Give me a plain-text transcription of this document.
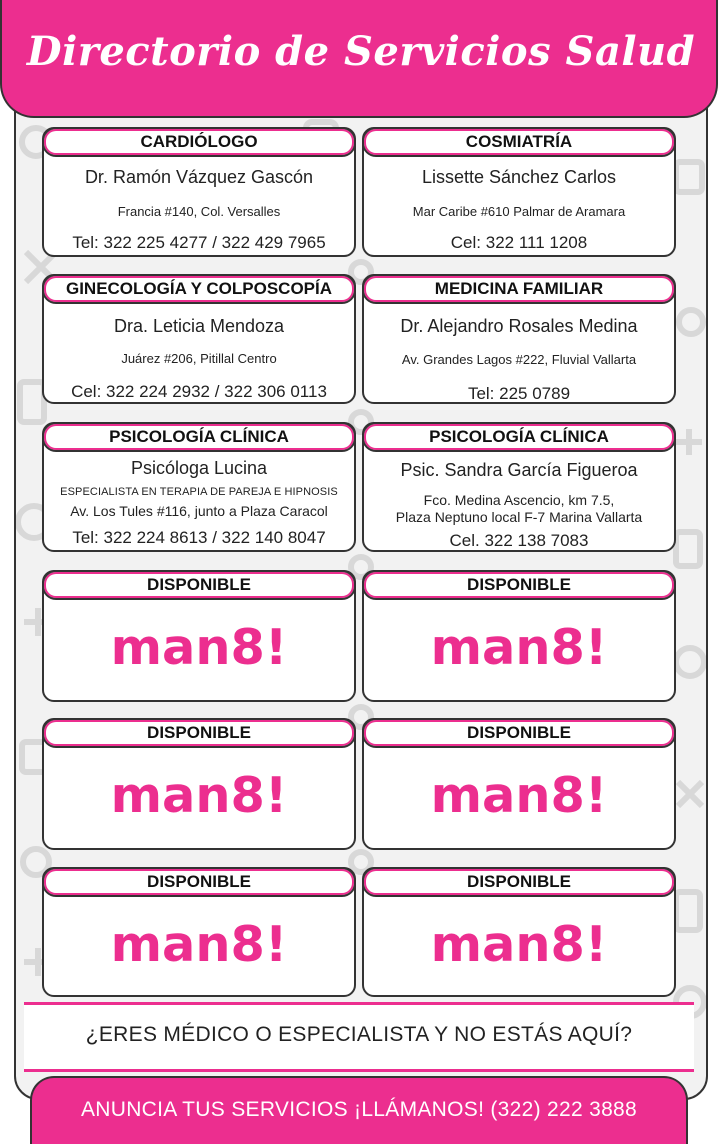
Directorio de Servicios Salud
CARDIÓLOGO
Dr. Ramón Vázquez Gascón
Francia #140, Col. Versalles
Tel: 322 225 4277 / 322 429 7965
COSMIATRÍA
Lissette Sánchez Carlos
Mar Caribe #610 Palmar de Aramara
Cel: 322 111 1208
GINECOLOGÍA Y COLPOSCOPÍA
Dra. Leticia Mendoza
Juárez #206, Pitillal Centro
Cel: 322 224 2932 / 322 306 0113
MEDICINA FAMILIAR
Dr. Alejandro Rosales Medina
Av. Grandes Lagos #222, Fluvial Vallarta
Tel: 225 0789
PSICOLOGÍA CLÍNICA
Psicóloga Lucina
ESPECIALISTA EN TERAPIA DE PAREJA E HIPNOSIS
Av. Los Tules #116, junto a Plaza Caracol
Tel: 322 224 8613 / 322 140 8047
PSICOLOGÍA CLÍNICA
Psic. Sandra García Figueroa
Fco. Medina Ascencio, km 7.5,
Plaza Neptuno local F-7 Marina Vallarta
Cel. 322 138 7083
DISPONIBLE
man8!
DISPONIBLE
man8!
DISPONIBLE
man8!
DISPONIBLE
man8!
DISPONIBLE
man8!
DISPONIBLE
man8!
¿ERES MÉDICO O ESPECIALISTA Y NO ESTÁS AQUÍ?
ANUNCIA TUS SERVICIOS ¡LLÁMANOS! (322) 222 3888
